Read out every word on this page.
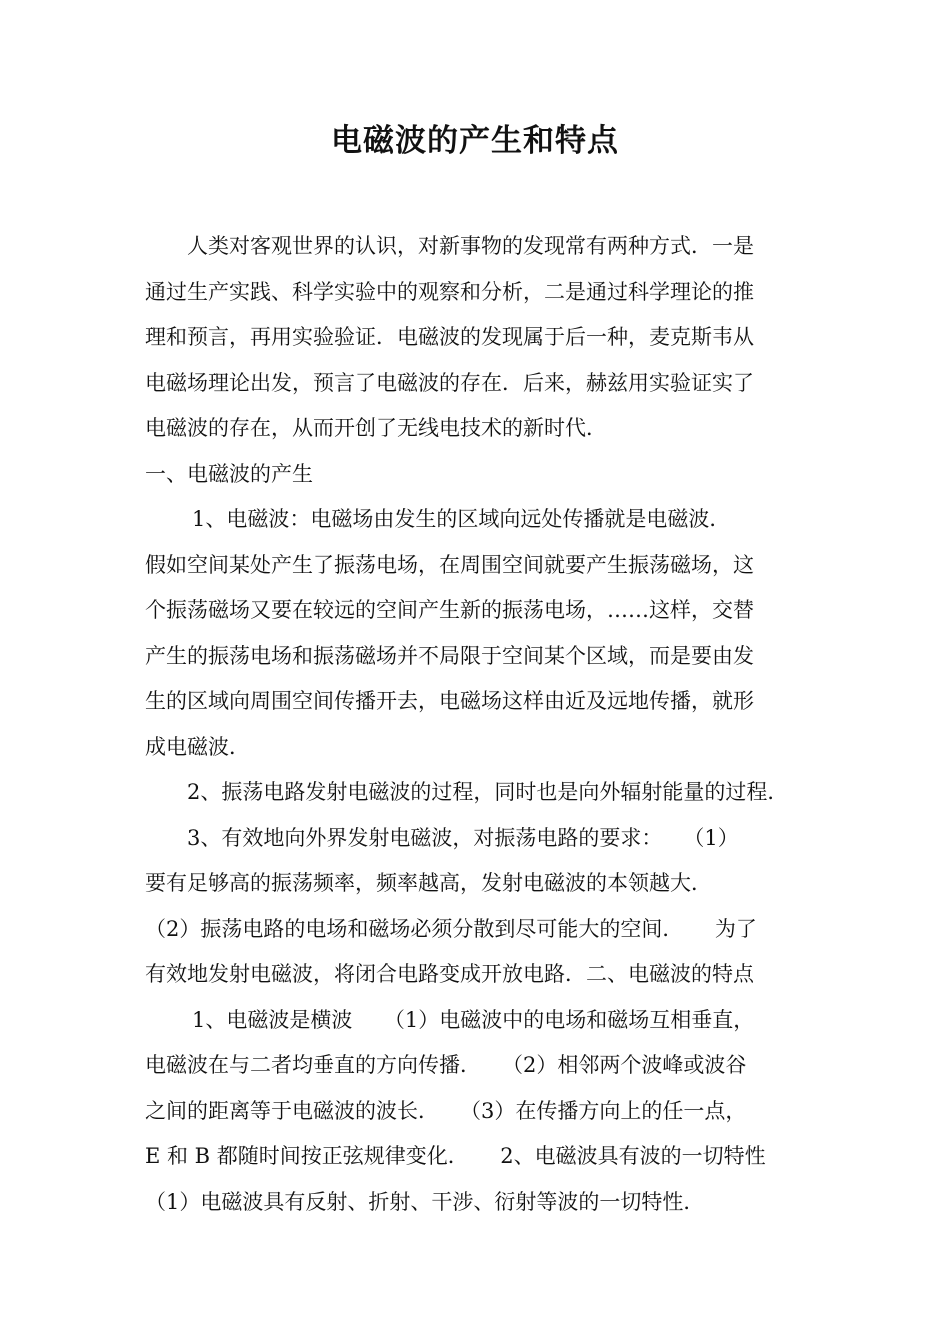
电磁波的产生和特点
人类对客观世界的认识，对新事物的发现常有两种方式．一是
通过生产实践、科学实验中的观察和分析，二是通过科学理论的推
理和预言，再用实验验证．电磁波的发现属于后一种，麦克斯韦从
电磁场理论出发，预言了电磁波的存在．后来，赫兹用实验证实了
电磁波的存在，从而开创了无线电技术的新时代．
一、电磁波的产生
1、电磁波：电磁场由发生的区域向远处传播就是电磁波．
假如空间某处产生了振荡电场，在周围空间就要产生振荡磁场，这
个振荡磁场又要在较远的空间产生新的振荡电场，……这样，交替
产生的振荡电场和振荡磁场并不局限于空间某个区域，而是要由发
生的区域向周围空间传播开去，电磁场这样由近及远地传播，就形
成电磁波．
2、振荡电路发射电磁波的过程，同时也是向外辐射能量的过程．
3、有效地向外界发射电磁波，对振荡电路的要求：　　（1）
要有足够高的振荡频率，频率越高，发射电磁波的本领越大．
（2）振荡电路的电场和磁场必须分散到尽可能大的空间．　　为了
有效地发射电磁波，将闭合电路变成开放电路．二、电磁波的特点
1、电磁波是横波　　（1）电磁波中的电场和磁场互相垂直，
电磁波在与二者均垂直的方向传播．　　（2）相邻两个波峰或波谷
之间的距离等于电磁波的波长．　　（3）在传播方向上的任一点，
E 和 B 都随时间按正弦规律变化．　　2、电磁波具有波的一切特性
（1）电磁波具有反射、折射、干涉、衍射等波的一切特性．
